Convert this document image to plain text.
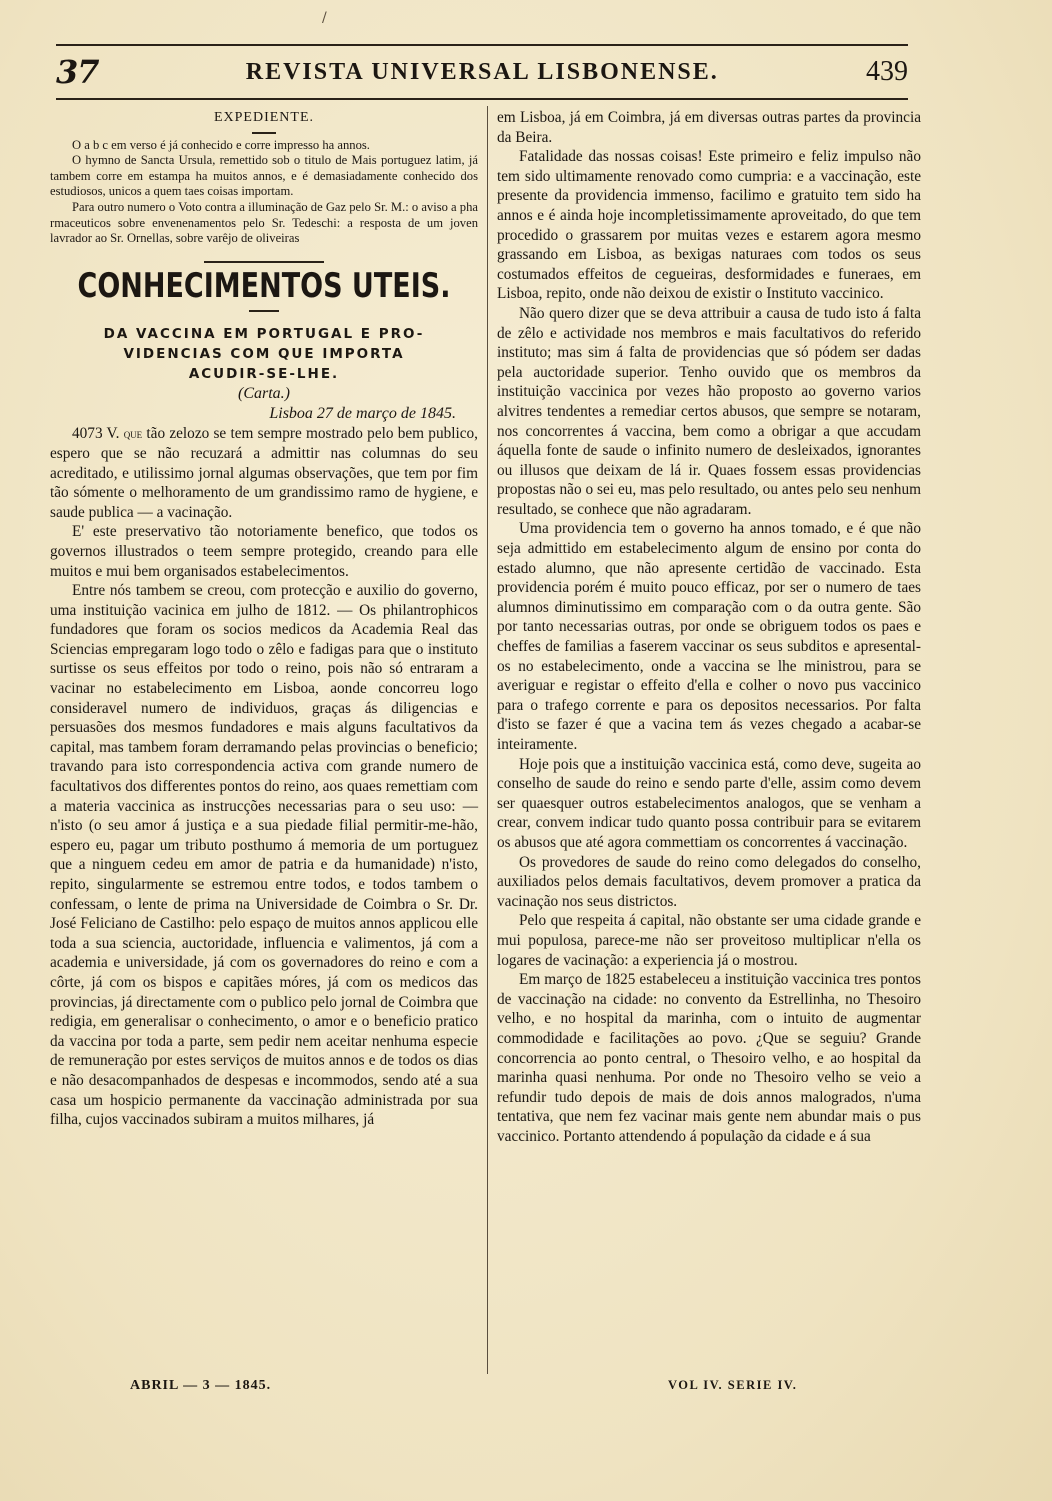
/
37	REVISTA UNIVERSAL LISBONENSE.	439
EXPEDIENTE.

O a b c em verso é já conhecido e corre impresso ha annos.

O hymno de Sancta Ursula, remettido sob o titulo de Mais portuguez latim, já tambem corre em estampa ha muitos annos, e é demasiadamente conhecido dos estudiosos, unicos a quem taes coisas importam.

Para outro numero o Voto contra a illuminação de Gaz pelo Sr. M.: o aviso a pha rmaceuticos sobre envenenamentos pelo Sr. Tedeschi: a resposta de um joven lavrador ao Sr. Ornellas, sobre varêjo de oliveiras

CONHECIMENTOS UTEIS.
DA VACCINA EM PORTUGAL E PRO-
VIDENCIAS COM QUE IMPORTA
ACUDIR-SE-LHE.
(Carta.)
Lisboa 27 de março de 1845.

4073 V. que tão zelozo se tem sempre mostrado pelo bem publico, espero que se não recuzará a admittir nas columnas do seu acreditado, e utilissimo jornal algumas observações, que tem por fim tão sómente o melhoramento de um grandissimo ramo de hygiene, e saude publica — a vacinação.

E' este preservativo tão notoriamente benefico, que todos os governos illustrados o teem sempre protegido, creando para elle muitos e mui bem organisados estabelecimentos.

Entre nós tambem se creou, com protecção e auxilio do governo, uma instituição vacinica em julho de 1812. — Os philantrophicos fundadores que foram os socios medicos da Academia Real das Sciencias empregaram logo todo o zêlo e fadigas para que o instituto surtisse os seus effeitos por todo o reino, pois não só entraram a vacinar no estabelecimento em Lisboa, aonde concorreu logo consideravel numero de individuos, graças ás diligencias e persuasões dos mesmos fundadores e mais alguns facultativos da capital, mas tambem foram derramando pelas provincias o beneficio; travando para isto correspondencia activa com grande numero de facultativos dos differentes pontos do reino, aos quaes remettiam com a materia vaccinica as instrucções necessarias para o seu uso: — n'isto (o seu amor á justiça e a sua piedade filial permitir-me-hão, espero eu, pagar um tributo posthumo á memoria de um portuguez que a ninguem cedeu em amor de patria e da humanidade) n'isto, repito, singularmente se estremou entre todos, e todos tambem o confessam, o lente de prima na Universidade de Coimbra o Sr. Dr. José Feliciano de Castilho: pelo espaço de muitos annos applicou elle toda a sua sciencia, auctoridade, influencia e valimentos, já com a academia e universidade, já com os governadores do reino e com a côrte, já com os bispos e capitães móres, já com os medicos das provincias, já directamente com o publico pelo jornal de Coimbra que redigia, em generalisar o conhecimento, o amor e o beneficio pratico da vaccina por toda a parte, sem pedir nem aceitar nenhuma especie de remuneração por estes serviços de muitos annos e de todos os dias e não desacompanhados de despesas e incommodos, sendo até a sua casa um hospicio permanente da vaccinação administrada por sua filha, cujos vaccinados subiram a muitos milhares, já

em Lisboa, já em Coimbra, já em diversas outras partes da provincia da Beira.

Fatalidade das nossas coisas! Este primeiro e feliz impulso não tem sido ultimamente renovado como cumpria: e a vaccinação, este presente da providencia immenso, facilimo e gratuito tem sido ha annos e é ainda hoje incompletissimamente aproveitado, do que tem procedido o grassarem por muitas vezes e estarem agora mesmo grassando em Lisboa, as bexigas naturaes com todos os seus costumados effeitos de cegueiras, desformidades e funeraes, em Lisboa, repito, onde não deixou de existir o Instituto vaccinico.

Não quero dizer que se deva attribuir a causa de tudo isto á falta de zêlo e actividade nos membros e mais facultativos do referido instituto; mas sim á falta de providencias que só pódem ser dadas pela auctoridade superior. Tenho ouvido que os membros da instituição vaccinica por vezes hão proposto ao governo varios alvitres tendentes a remediar certos abusos, que sempre se notaram, nos concorrentes á vaccina, bem como a obrigar a que accudam áquella fonte de saude o infinito numero de desleixados, ignorantes ou illusos que deixam de lá ir. Quaes fossem essas providencias propostas não o sei eu, mas pelo resultado, ou antes pelo seu nenhum resultado, se conhece que não agradaram.

Uma providencia tem o governo ha annos tomado, e é que não seja admittido em estabelecimento algum de ensino por conta do estado alumno, que não apresente certidão de vaccinado. Esta providencia porém é muito pouco efficaz, por ser o numero de taes alumnos diminutissimo em comparação com o da outra gente. São por tanto necessarias outras, por onde se obriguem todos os paes e cheffes de familias a faserem vaccinar os seus subditos e apresental-os no estabelecimento, onde a vaccina se lhe ministrou, para se averiguar e registar o effeito d'ella e colher o novo pus vaccinico para o trafego corrente e para os depositos necessarios. Por falta d'isto se fazer é que a vacina tem ás vezes chegado a acabar-se inteiramente.

Hoje pois que a instituição vaccinica está, como deve, sugeita ao conselho de saude do reino e sendo parte d'elle, assim como devem ser quaesquer outros estabelecimentos analogos, que se venham a crear, convem indicar tudo quanto possa contribuir para se evitarem os abusos que até agora commettiam os concorrentes á vaccinação.

Os provedores de saude do reino como delegados do conselho, auxiliados pelos demais facultativos, devem promover a pratica da vacinação nos seus districtos.

Pelo que respeita á capital, não obstante ser uma cidade grande e mui populosa, parece-me não ser proveitoso multiplicar n'ella os logares de vacinação: a experiencia já o mostrou.

Em março de 1825 estabeleceu a instituição vaccinica tres pontos de vaccinação na cidade: no convento da Estrellinha, no Thesoiro velho, e no hospital da marinha, com o intuito de augmentar commodidade e facilitações ao povo. ¿Que se seguiu? Grande concorrencia ao ponto central, o Thesoiro velho, e ao hospital da marinha quasi nenhuma. Por onde no Thesoiro velho se veio a refundir tudo depois de mais de dois annos malogrados, n'uma tentativa, que nem fez vacinar mais gente nem abundar mais o pus vaccinico. Portanto attendendo á população da cidade e á sua

ABRIL — 3 — 1845.	VOL IV. SERIE IV.
